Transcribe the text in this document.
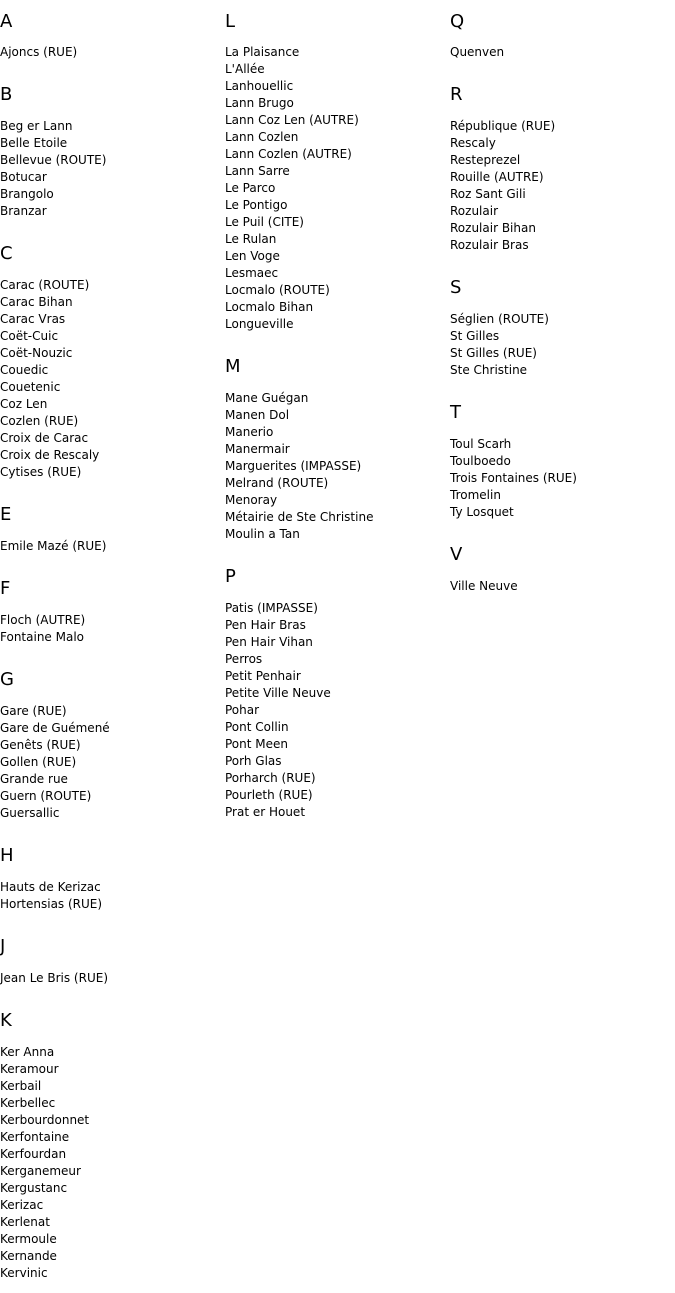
A
Ajoncs (RUE)
B
Beg er Lann
Belle Etoile
Bellevue (ROUTE)
Botucar
Brangolo
Branzar
C
Carac (ROUTE)
Carac Bihan
Carac Vras
Coët-Cuic
Coët-Nouzic
Couedic
Couetenic
Coz Len
Cozlen (RUE)
Croix de Carac
Croix de Rescaly
Cytises (RUE)
E
Emile Mazé (RUE)
F
Floch (AUTRE)
Fontaine Malo
G
Gare (RUE)
Gare de Guémené
Genêts (RUE)
Gollen (RUE)
Grande rue
Guern (ROUTE)
Guersallic
H
Hauts de Kerizac
Hortensias (RUE)
J
Jean Le Bris (RUE)
K
Ker Anna
Keramour
Kerbail
Kerbellec
Kerbourdonnet
Kerfontaine
Kerfourdan
Kerganemeur
Kergustanc
Kerizac
Kerlenat
Kermoule
Kernande
Kervinic
L
La Plaisance
L'Allée
Lanhouellic
Lann Brugo
Lann Coz Len (AUTRE)
Lann Cozlen
Lann Cozlen (AUTRE)
Lann Sarre
Le Parco
Le Pontigo
Le Puil (CITE)
Le Rulan
Len Voge
Lesmaec
Locmalo (ROUTE)
Locmalo Bihan
Longueville
M
Mane Guégan
Manen Dol
Manerio
Manermair
Marguerites (IMPASSE)
Melrand (ROUTE)
Menoray
Métairie de Ste Christine
Moulin a Tan
P
Patis (IMPASSE)
Pen Hair Bras
Pen Hair Vihan
Perros
Petit Penhair
Petite Ville Neuve
Pohar
Pont Collin
Pont Meen
Porh Glas
Porharch (RUE)
Pourleth (RUE)
Prat er Houet
Q
Quenven
R
République (RUE)
Rescaly
Resteprezel
Rouille (AUTRE)
Roz Sant Gili
Rozulair
Rozulair Bihan
Rozulair Bras
S
Séglien (ROUTE)
St Gilles
St Gilles (RUE)
Ste Christine
T
Toul Scarh
Toulboedo
Trois Fontaines (RUE)
Tromelin
Ty Losquet
V
Ville Neuve
